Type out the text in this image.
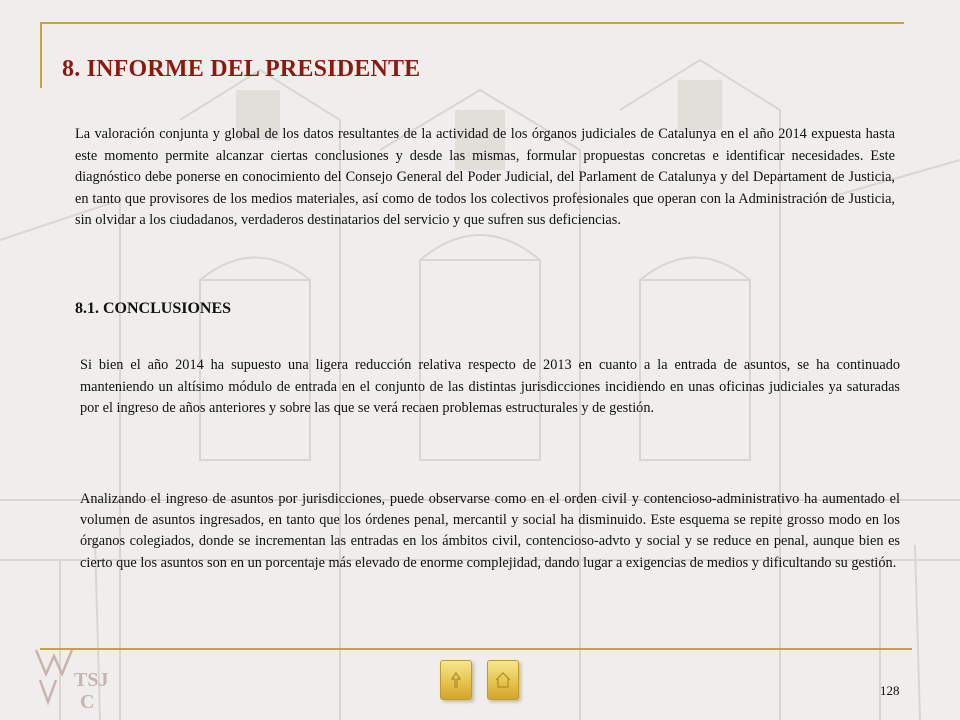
8. INFORME DEL PRESIDENTE

La valoración conjunta y global de los datos resultantes de la actividad de los órganos judiciales de Catalunya en el año 2014 expuesta hasta este momento permite alcanzar ciertas conclusiones y desde las mismas, formular propuestas concretas e identificar necesidades. Este diagnóstico debe ponerse en conocimiento del Consejo General del Poder Judicial, del Parlament de Catalunya y del Departament de Justicia, en tanto que provisores de los medios materiales, así como de todos los colectivos profesionales que operan con la Administración de Justicia, sin olvidar a los ciudadanos, verdaderos destinatarios del servicio y que sufren sus deficiencias.

8.1. CONCLUSIONES

Si bien el año 2014 ha supuesto una ligera reducción relativa respecto de 2013 en cuanto a la entrada de asuntos, se ha continuado manteniendo un altísimo módulo de entrada en el conjunto de las distintas jurisdicciones incidiendo en unas oficinas judiciales ya saturadas por el ingreso de años anteriores y sobre las que se verá recaen problemas estructurales y de gestión.

Analizando el ingreso de asuntos por jurisdicciones, puede observarse como en el orden civil y contencioso-administrativo ha aumentado el volumen de asuntos ingresados, en tanto que los órdenes penal, mercantil y social ha disminuido. Este esquema se repite grosso modo en los órganos colegiados, donde se incrementan las entradas en los ámbitos civil, contencioso-advto y social y se reduce en penal, aunque bien es cierto que los asuntos son en un porcentaje más elevado de enorme complejidad, dando lugar a exigencias de medios y dificultando su gestión.

TSJ
C
128
